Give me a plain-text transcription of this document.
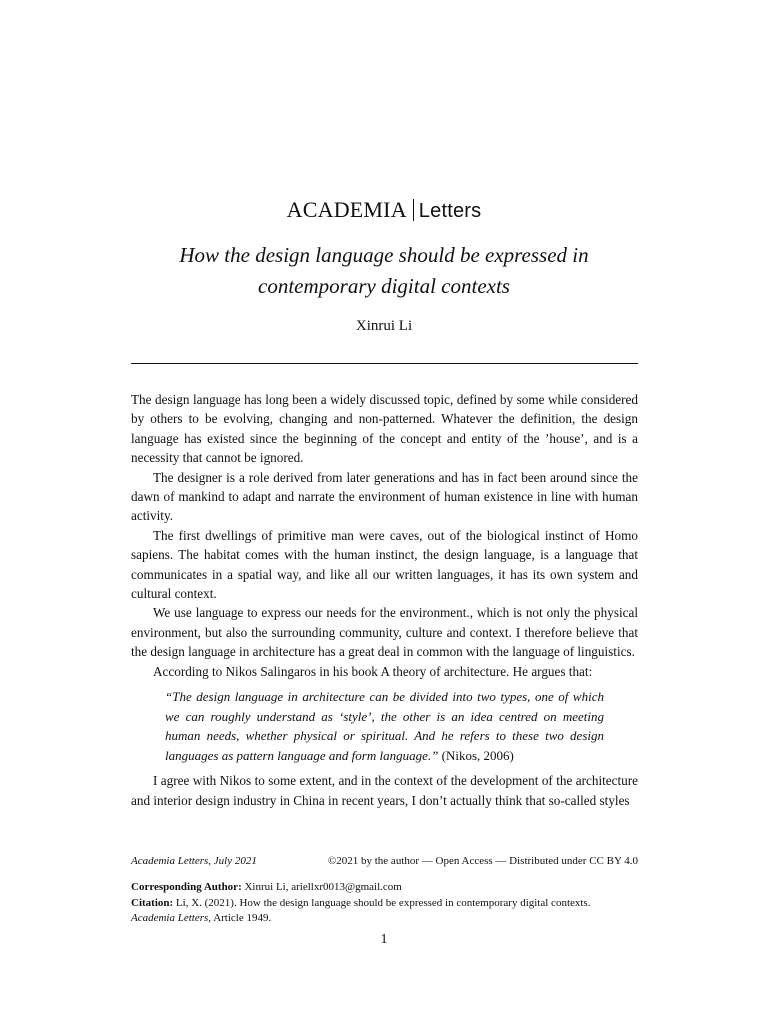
ACADEMIA Letters
How the design language should be expressed in
contemporary digital contexts
Xinrui Li

The design language has long been a widely discussed topic, defined by some while considered by others to be evolving, changing and non-patterned. Whatever the definition, the design language has existed since the beginning of the concept and entity of the ’house’, and is a necessity that cannot be ignored.

The designer is a role derived from later generations and has in fact been around since the dawn of mankind to adapt and narrate the environment of human existence in line with human activity.

The first dwellings of primitive man were caves, out of the biological instinct of Homo sapiens. The habitat comes with the human instinct, the design language, is a language that communicates in a spatial way, and like all our written languages, it has its own system and cultural context.

We use language to express our needs for the environment., which is not only the physical environment, but also the surrounding community, culture and context. I therefore believe that the design language in architecture has a great deal in common with the language of linguistics.

According to Nikos Salingaros in his book A theory of architecture. He argues that:

“The design language in architecture can be divided into two types, one of which we can roughly understand as ‘style’, the other is an idea centred on meeting human needs, whether physical or spiritual. And he refers to these two design languages as pattern language and form language.” (Nikos, 2006)

I agree with Nikos to some extent, and in the context of the development of the architecture and interior design industry in China in recent years, I don’t actually think that so-called styles

Academia Letters, July 2021	©2021 by the author — Open Access — Distributed under CC BY 4.0
Corresponding Author: Xinrui Li, ariellxr0013@gmail.com
Citation: Li, X. (2021). How the design language should be expressed in contemporary digital contexts.
Academia Letters, Article 1949.
1
